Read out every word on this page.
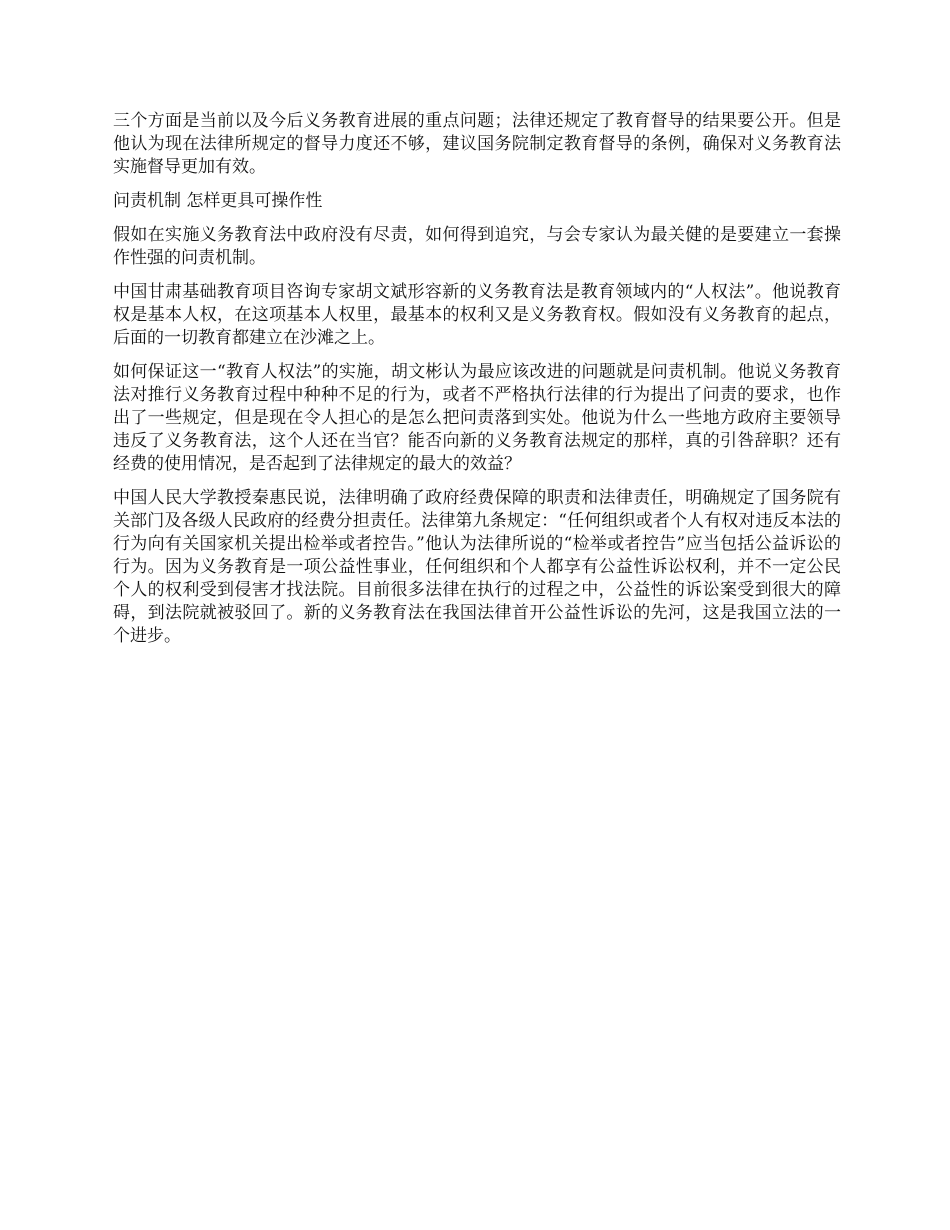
三个方面是当前以及今后义务教育进展的重点问题；法律还规定了教育督导的结果要公开。但是他认为现在法律所规定的督导力度还不够，建议国务院制定教育督导的条例，确保对义务教育法实施督导更加有效。

问责机制 怎样更具可操作性

假如在实施义务教育法中政府没有尽责，如何得到追究，与会专家认为最关健的是要建立一套操作性强的问责机制。

中国甘肃基础教育项目咨询专家胡文斌形容新的义务教育法是教育领域内的“人权法”。他说教育权是基本人权，在这项基本人权里，最基本的权利又是义务教育权。假如没有义务教育的起点，后面的一切教育都建立在沙滩之上。

如何保证这一“教育人权法”的实施，胡文彬认为最应该改进的问题就是问责机制。他说义务教育法对推行义务教育过程中种种不足的行为，或者不严格执行法律的行为提出了问责的要求，也作出了一些规定，但是现在令人担心的是怎么把问责落到实处。他说为什么一些地方政府主要领导违反了义务教育法，这个人还在当官？能否向新的义务教育法规定的那样，真的引咎辞职？还有经费的使用情况，是否起到了法律规定的最大的效益？

中国人民大学教授秦惠民说，法律明确了政府经费保障的职责和法律责任，明确规定了国务院有关部门及各级人民政府的经费分担责任。法律第九条规定：“任何组织或者个人有权对违反本法的行为向有关国家机关提出检举或者控告。”他认为法律所说的“检举或者控告”应当包括公益诉讼的行为。因为义务教育是一项公益性事业，任何组织和个人都享有公益性诉讼权利，并不一定公民个人的权利受到侵害才找法院。目前很多法律在执行的过程之中，公益性的诉讼案受到很大的障碍，到法院就被驳回了。新的义务教育法在我国法律首开公益性诉讼的先河，这是我国立法的一个进步。
